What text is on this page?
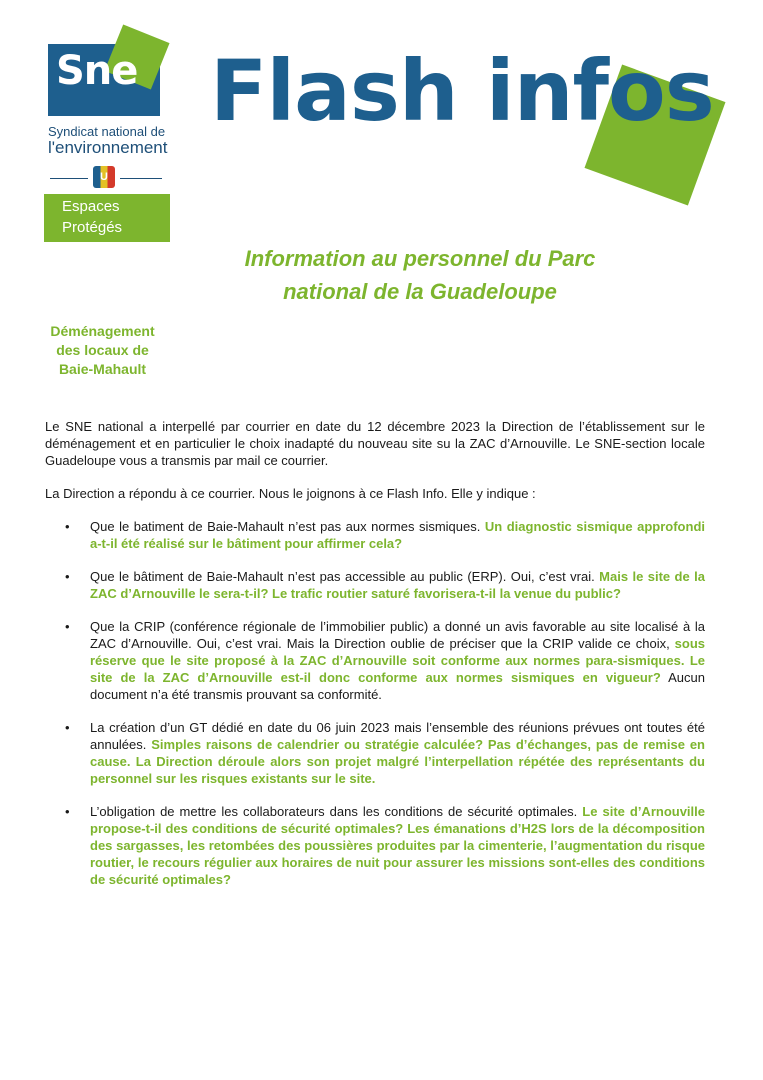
Sne
Syndicat national de
l'environnement
U
Espaces
Protégés
Flash infos
Information au personnel du Parc
national de la Guadeloupe
Déménagement
des locaux de
Baie-Mahault

Le SNE national a interpellé par courrier en date du 12 décembre 2023 la Direction de l’établissement sur le déménagement et en particulier le choix inadapté du nouveau site su la ZAC d’Arnouville. Le SNE-section locale Guadeloupe vous a transmis par mail ce courrier.

La Direction a répondu à ce courrier. Nous le joignons à ce Flash Info. Elle y indique :

• Que le batiment de Baie-Mahault n’est pas aux normes sismiques. Un diagnostic sismique approfondi a-t-il été réalisé sur le bâtiment pour affirmer cela?
• Que le bâtiment de Baie-Mahault n’est pas accessible au public (ERP). Oui, c’est vrai. Mais le site de la ZAC d’Arnouville le sera-t-il? Le trafic routier saturé favorisera-t-il la venue du public?
• Que la CRIP (conférence régionale de l’immobilier public) a donné un avis favorable au site localisé à la ZAC d’Arnouville. Oui, c’est vrai. Mais la Direction oublie de préciser que la CRIP valide ce choix, sous réserve que le site proposé à la ZAC d’Arnouville soit conforme aux normes para-sismiques. Le site de la ZAC d’Arnouville est-il donc conforme aux normes sismiques en vigueur? Aucun document n’a été transmis prouvant sa conformité.
• La création d’un GT dédié en date du 06 juin 2023 mais l’ensemble des réunions prévues ont toutes été annulées. Simples raisons de calendrier ou stratégie calculée? Pas d’échanges, pas de remise en cause. La Direction déroule alors son projet malgré l’interpellation répétée des représentants du personnel sur les risques existants sur le site.
• L’obligation de mettre les collaborateurs dans les conditions de sécurité optimales. Le site d’Arnouville propose-t-il des conditions de sécurité optimales? Les émanations d’H2S lors de la décomposition des sargasses, les retombées des poussières produites par la cimenterie, l’augmentation du risque routier, le recours régulier aux horaires de nuit pour assurer les missions sont-elles des conditions de sécurité optimales?
